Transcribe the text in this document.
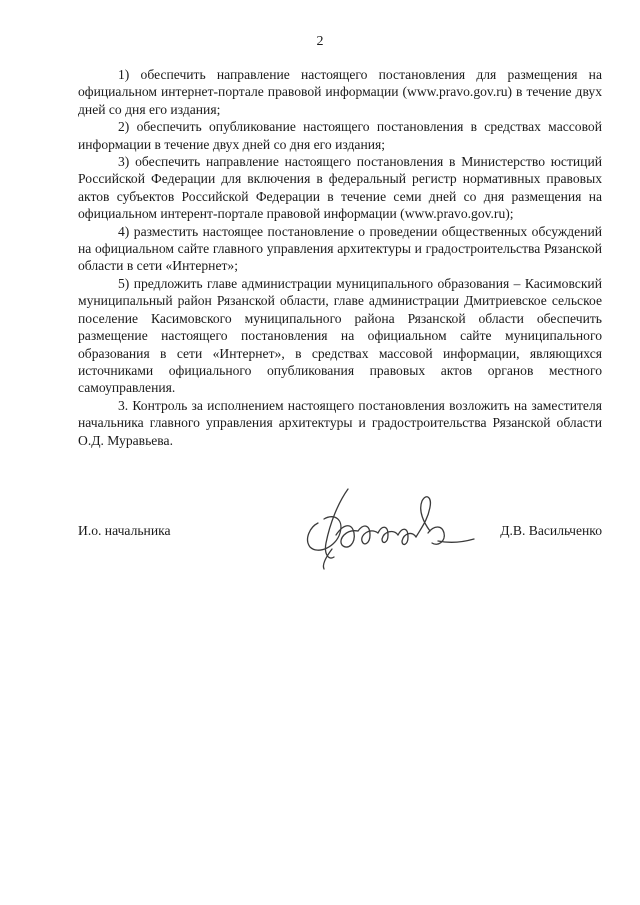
2

1) обеспечить направление настоящего постановления для размещения на официальном интернет-портале правовой информации (www.pravo.gov.ru) в течение двух дней со дня его издания;

2) обеспечить опубликование настоящего постановления в средствах массовой информации в течение двух дней со дня его издания;

3) обеспечить направление настоящего постановления в Министерство юстиций Российской Федерации для включения в федеральный регистр нормативных правовых актов субъектов Российской Федерации в течение семи дней со дня размещения на официальном интерент-портале правовой информации (www.pravo.gov.ru);

4) разместить настоящее постановление о проведении общественных обсуждений на официальном сайте главного управления архитектуры и градостроительства Рязанской области в сети «Интернет»;

5) предложить главе администрации муниципального образования – Касимовский муниципальный район Рязанской области, главе администрации Дмитриевское сельское поселение Касимовского муниципального района Рязанской области обеспечить размещение настоящего постановления на официальном сайте муниципального образования в сети «Интернет», в средствах массовой информации, являющихся источниками официального опубликования правовых актов органов местного самоуправления.

3. Контроль за исполнением настоящего постановления возложить на заместителя начальника главного управления архитектуры и градостроительства Рязанской области О.Д. Муравьева.

И.о. начальника	Д.В. Васильченко
